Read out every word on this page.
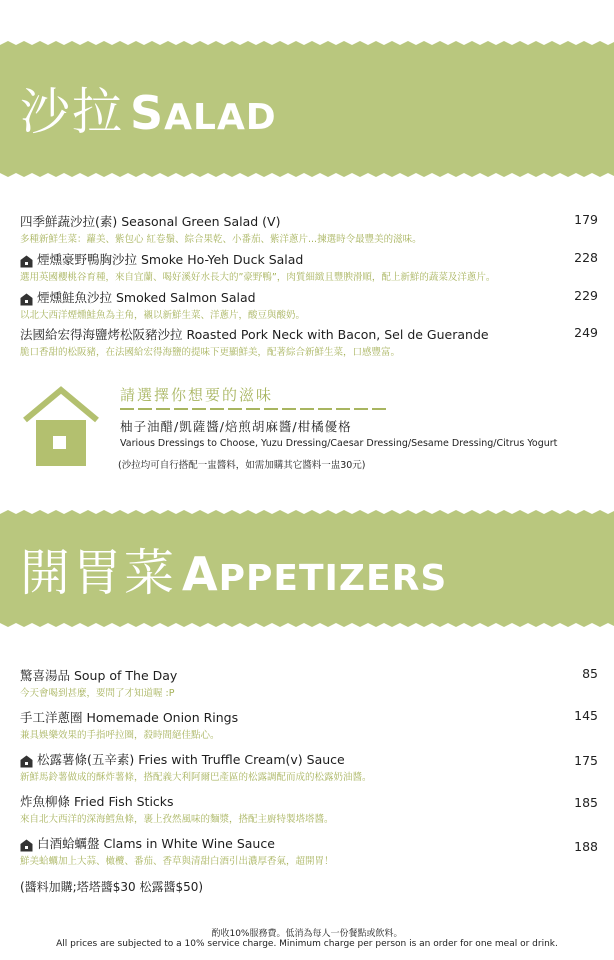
沙拉 SALAD
四季鮮蔬沙拉(素) Seasonal Green Salad (V)	179
多種新鮮生菜：蘿美、紫包心 紅卷鬚、綜合果乾、小番茄、紫洋蔥片...揀選時令最豐美的滋味。
煙燻豪野鴨胸沙拉 Smoke Ho-Yeh Duck Salad	228
選用英國櫻桃谷育種，來自宜蘭、喝好溪好水長大的”豪野鴨”，肉質細緻且豐腴滑順，配上新鮮的蔬菜及洋蔥片。
煙燻鮭魚沙拉 Smoked Salmon Salad	229
以北大西洋煙燻鮭魚為主角，襯以新鮮生菜、洋蔥片，酸豆與酸奶。
法國給宏得海鹽烤松阪豬沙拉 Roasted Pork Neck with Bacon, Sel de Guerande	249
脆口香甜的松阪豬，在法國給宏得海鹽的提味下更顯鮮美，配著綜合新鮮生菜，口感豐富。
請選擇你想要的滋味
柚子油醋/凱薩醬/焙煎胡麻醬/柑橘優格
Various Dressings to Choose, Yuzu Dressing/Caesar Dressing/Sesame Dressing/Citrus Yogurt
(沙拉均可自行搭配一盅醬料，如需加購其它醬料一盅30元)
開胃菜 APPETIZERS
驚喜湯品 Soup of The Day	85
今天會喝到甚麼，要問了才知道喔 :P
手工洋蔥圈 Homemade Onion Rings	145
兼具娛樂效果的手指呼拉圈，殺時間絕佳點心。
松露薯條(五辛素) Fries with Truffle Cream(v) Sauce	175
新鮮馬鈴薯做成的酥炸薯條，搭配義大利阿爾巴產區的松露調配而成的松露奶油醬。
炸魚柳條 Fried Fish Sticks	185
來自北大西洋的深海鱈魚條，裹上孜然風味的麵漿，搭配主廚特製塔塔醬。
白酒蛤蠣盤 Clams in White Wine Sauce	188
鮮美蛤蠣加上大蒜、橄欖、番茄、香草與清甜白酒引出濃厚香氣，超開胃！
(醬料加購;塔塔醬$30 松露醬$50)
酌收10%服務費。低消為每人一份餐點或飲料。
All prices are subjected to a 10% service charge. Minimum charge per person is an order for one meal or drink.
